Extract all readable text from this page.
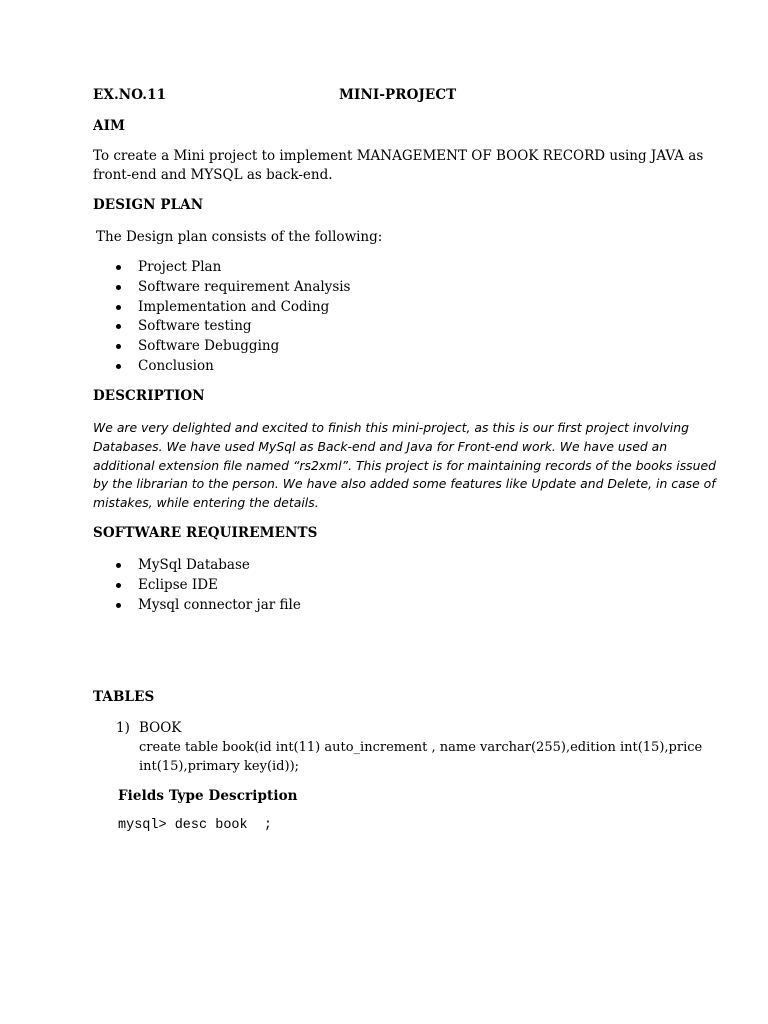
EX.NO.11	MINI-PROJECT
AIM
To create a Mini project to implement MANAGEMENT OF BOOK RECORD using JAVA as
front-end and MYSQL as back-end.
DESIGN PLAN
The Design plan consists of the following:
Project Plan
Software requirement Analysis
Implementation and Coding
Software testing
Software Debugging
Conclusion
DESCRIPTION
We are very delighted and excited to finish this mini-project, as this is our first project involving
Databases. We have used MySql as Back-end and Java for Front-end work. We have used an
additional extension file named “rs2xml”. This project is for maintaining records of the books issued
by the librarian to the person. We have also added some features like Update and Delete, in case of
mistakes, while entering the details.
SOFTWARE REQUIREMENTS
MySql Database
Eclipse IDE
Mysql connector jar file
TABLES
1) BOOK
create table book(id int(11) auto_increment , name varchar(255),edition int(15),price
int(15),primary key(id));
Fields Type Description
mysql> desc book  ;
